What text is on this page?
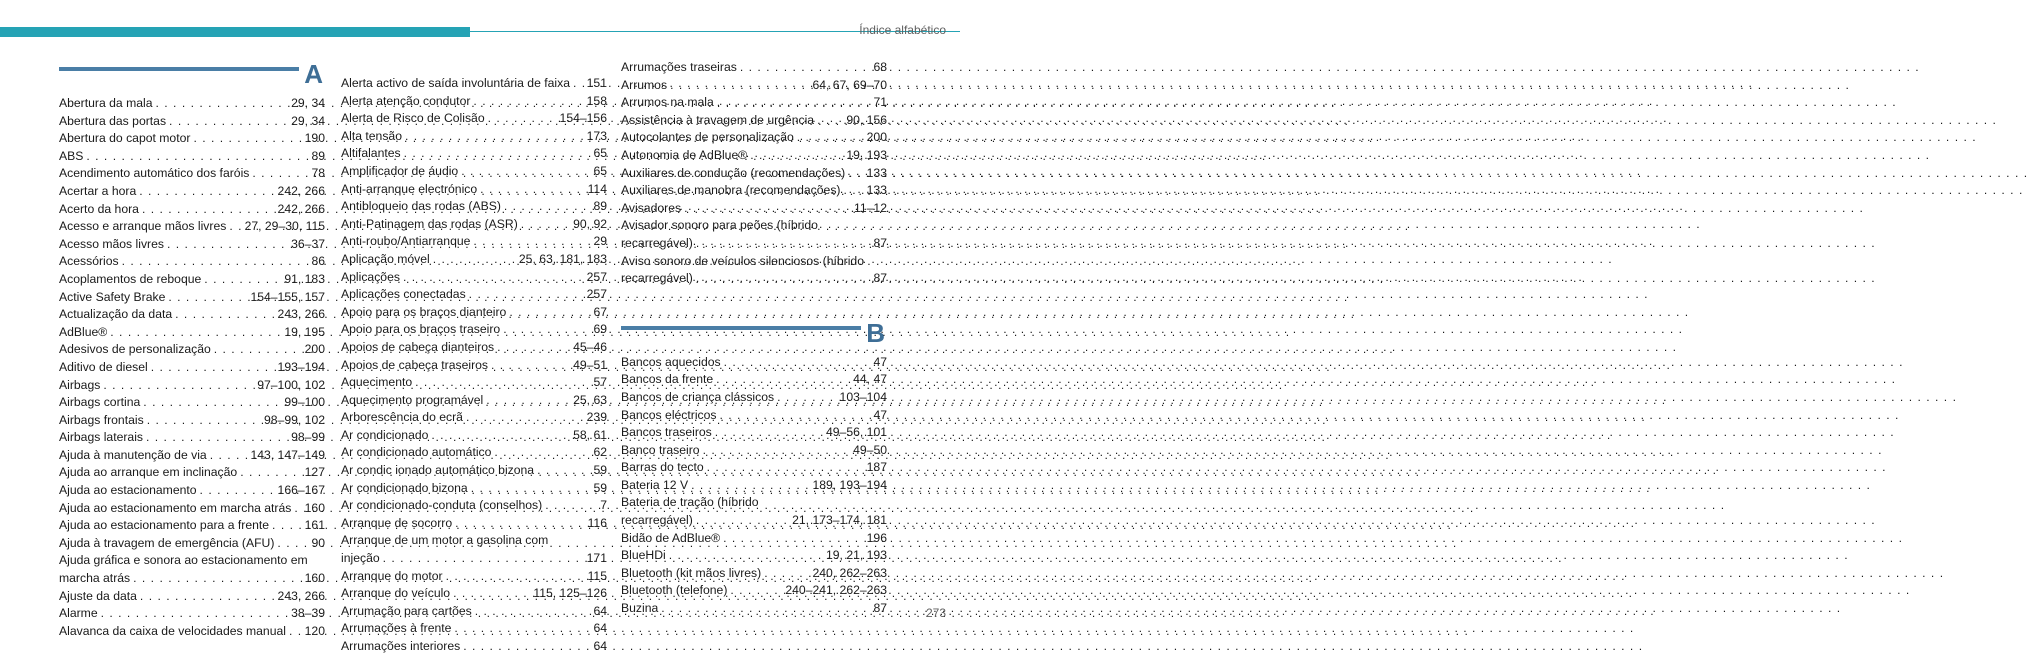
Índice alfabético
A
Abertura da mala . . .	29, 34
Abertura das portas . . .	29, 34
Abertura do capot motor . . .	190
ABS . . .	89
Acendimento automático dos faróis . . .	78
Acertar a hora . . .	242, 266
Acerto da hora . . .	242, 266
Acesso e arranque mãos livres . . . 27, 29–30, 115
Acesso mãos livres . . .	36–37
Acessórios . . .	86
Acoplamentos de reboque . . .	91, 183
Active Safety Brake . . .	154–155, 157
Actualização da data . . .	243, 266
AdBlue® . . .	19, 195
Adesivos de personalização . . .	200
Aditivo de diesel . . .	193–194
Airbags . . .	97–100, 102
Airbags cortina . . .	99–100
Airbags frontais . . .	98–99, 102
Airbags laterais . . .	98–99
Ajuda à manutenção de via . . .	143, 147–149
Ajuda ao arranque em inclinação . . .	127
Ajuda ao estacionamento . . .	166–167
Ajuda ao estacionamento em marcha atrás . . . 160
Ajuda ao estacionamento para a frente . . .	161
Ajuda à travagem de emergência (AFU) . . .	90
Ajuda gráfica e sonora ao estacionamento em
marcha atrás . . .	160
Ajuste da data . . .	243, 266
Alarme . . .	38–39
Alavanca da caixa de velocidades manual . . . 120
Alerta activo de saída involuntária de faixa . . . 151
Alerta atenção condutor . . .	158
Alerta de Risco de Colisão . . .	154–156
Alta tensão . . .	173
Altifalantes . . .	65
Amplificador de áudio . . .	65
Anti-arranque electrónico . . .	114
Antibloqueio das rodas (ABS) . . .	89
Anti-Patinagem das rodas (ASR) . . .	90, 92
Anti-roubo/Antiarranque . . .	29
Aplicação móvel . . .	25, 63, 181, 183
Aplicações . . .	257
Aplicações conectadas . . .	257
Apoio para os braços dianteiro . . .	67
Apoio para os braços traseiro . . .	69
Apoios de cabeça dianteiros . . .	45–46
Apoios de cabeça traseiros . . .	49–51
Aquecimento . . .	57
Aquecimento programável . . .	25, 63
Arborescência do ecrã . . .	239
Ar condicionado . . .	58, 61
Ar condicionado automático . . .	62
Ar condic ionado automático bizona . . .	59
Ar condicionado bizona . . .	59
Ar condicionado-conduta (conselhos) . . .	7
Arranque de socorro . . .	116
Arranque de um motor a gasolina com
injeção . . .	171
Arranque do motor . . .	115
Arranque do veículo . . .	115, 125–126
Arrumação para cartões . . .	64
Arrumações à frente . . .	64
Arrumações interiores . . .	64
Arrumações traseiras . . .	68
Arrumos . . .	64, 67, 69–70
Arrumos na mala . . .	71
Assistência à travagem de urgência . . .	90, 156
Autocolantes de personalização . . .	200
Autonomia de AdBlue® . . .	19, 193
Auxiliares de condução (recomendações) . . . 133
Auxiliares de manobra (recomendações) . . . 133
Avisadores . . .	11–12
Avisador sonoro para peões (híbrido
recarregável) . . .	87
Aviso sonoro de veículos silenciosos (híbrido
recarregável) . . .	87
B
Bancos aquecidos . . .	47
Bancos da frente . . .	44, 47
Bancos de criança clássicos . . .	103–104
Bancos eléctricos . . .	47
Bancos traseiros . . .	49–56, 101
Banco traseiro . . .	49–50
Barras do tecto . . .	187
Bateria 12 V . . .	189, 193–194
Bateria de tração (híbrido
recarregável) . . .	21, 173–174, 181
Bidão de AdBlue® . . .	196
BlueHDi . . .	19, 21, 193
Bluetooth (kit mãos livres) . . .	240, 262–263
Bluetooth (telefone) . . .	240–241, 262–263
Buzina . . .	87	273
